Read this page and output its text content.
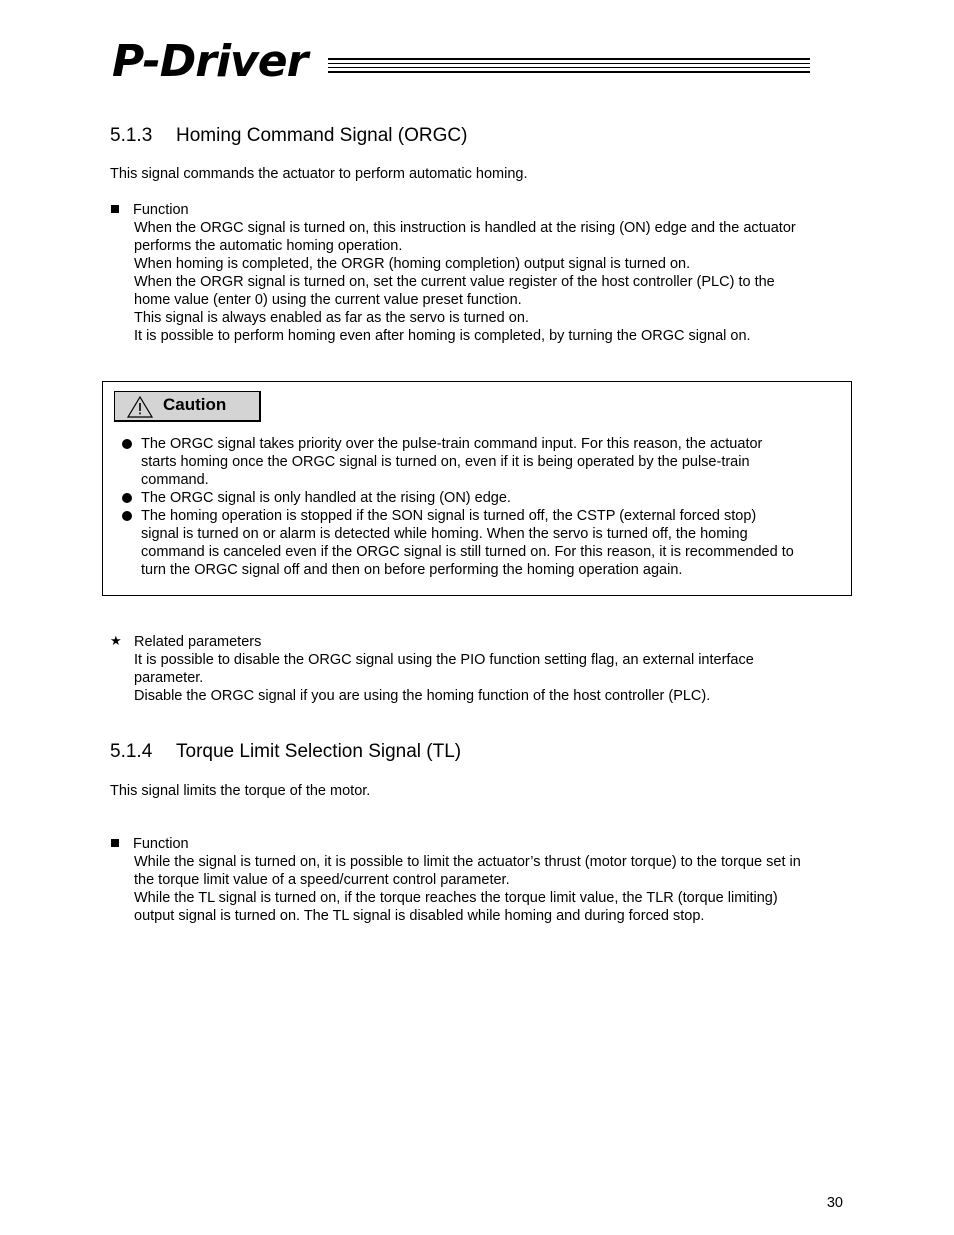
P-Driver
5.1.3 Homing Command Signal (ORGC)

This signal commands the actuator to perform automatic homing.

Function

When the ORGC signal is turned on, this instruction is handled at the rising (ON) edge and the actuator

performs the automatic homing operation.

When homing is completed, the ORGR (homing completion) output signal is turned on.

When the ORGR signal is turned on, set the current value register of the host controller (PLC) to the

home value (enter 0) using the current value preset function.

This signal is always enabled as far as the servo is turned on.

It is possible to perform homing even after homing is completed, by turning the ORGC signal on.

Caution
The ORGC signal takes priority over the pulse-train command input. For this reason, the actuator
starts homing once the ORGC signal is turned on, even if it is being operated by the pulse-train
command.
The ORGC signal is only handled at the rising (ON) edge.
The homing operation is stopped if the SON signal is turned off, the CSTP (external forced stop)
signal is turned on or alarm is detected while homing. When the servo is turned off, the homing
command is canceled even if the ORGC signal is still turned on. For this reason, it is recommended to
turn the ORGC signal off and then on before performing the homing operation again.
★ Related parameters

It is possible to disable the ORGC signal using the PIO function setting flag, an external interface

parameter.

Disable the ORGC signal if you are using the homing function of the host controller (PLC).

5.1.4 Torque Limit Selection Signal (TL)

This signal limits the torque of the motor.

Function

While the signal is turned on, it is possible to limit the actuator’s thrust (motor torque) to the torque set in

the torque limit value of a speed/current control parameter.

While the TL signal is turned on, if the torque reaches the torque limit value, the TLR (torque limiting)

output signal is turned on. The TL signal is disabled while homing and during forced stop.

30
